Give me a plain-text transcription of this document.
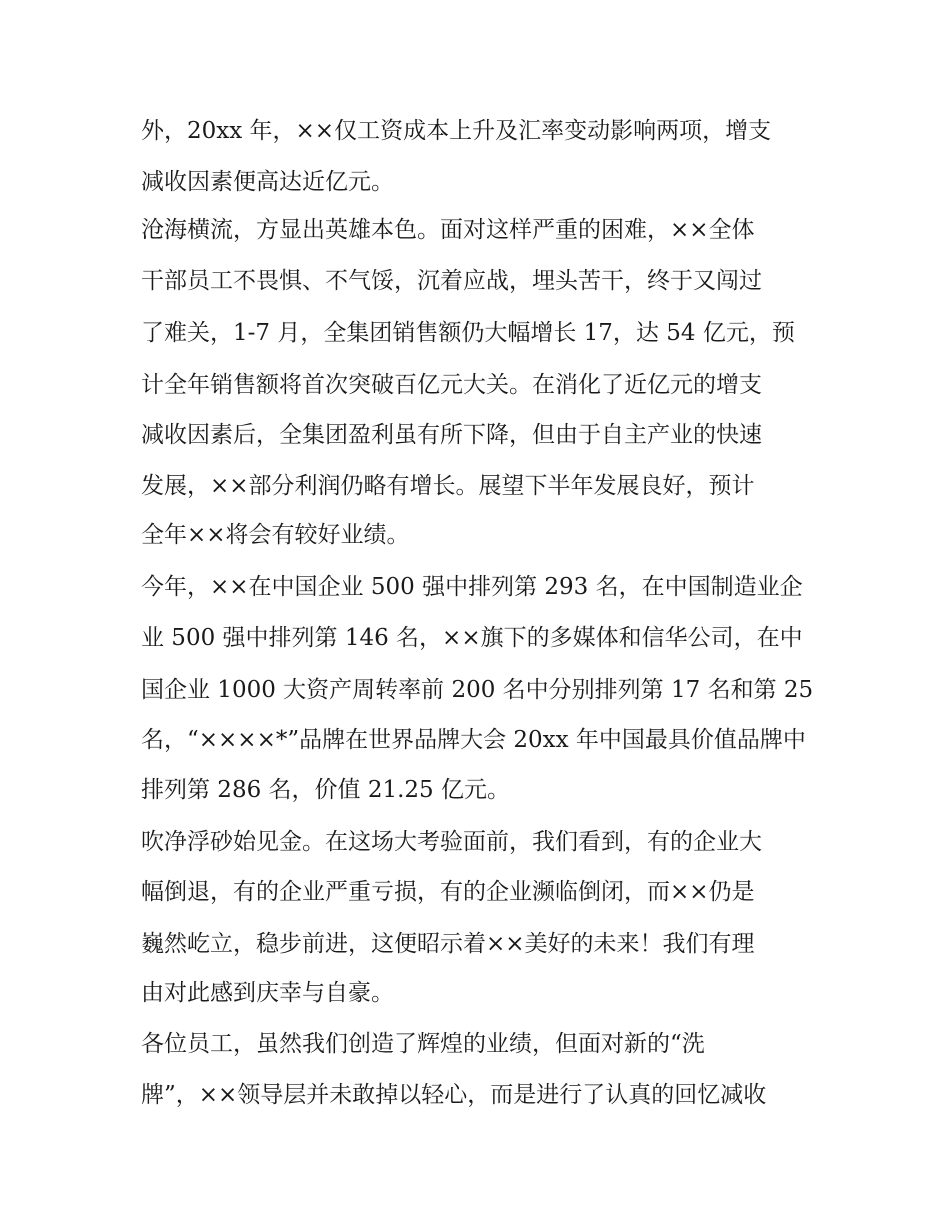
外，20xx 年，××仅工资成本上升及汇率变动影响两项，增支
减收因素便高达近亿元。
沧海横流，方显出英雄本色。面对这样严重的困难，××全体
干部员工不畏惧、不气馁，沉着应战，埋头苦干，终于又闯过
了难关，1-7 月，全集团销售额仍大幅增长 17，达 54 亿元，预
计全年销售额将首次突破百亿元大关。在消化了近亿元的增支
减收因素后，全集团盈利虽有所下降，但由于自主产业的快速
发展，××部分利润仍略有增长。展望下半年发展良好，预计
全年××将会有较好业绩。
今年，××在中国企业 500 强中排列第 293 名，在中国制造业企
业 500 强中排列第 146 名，××旗下的多媒体和信华公司，在中
国企业 1000 大资产周转率前 200 名中分别排列第 17 名和第 25
名，“××××*”品牌在世界品牌大会 20xx 年中国最具价值品牌中
排列第 286 名，价值 21.25 亿元。
吹净浮砂始见金。在这场大考验面前，我们看到，有的企业大
幅倒退，有的企业严重亏损，有的企业濒临倒闭，而××仍是
巍然屹立，稳步前进，这便昭示着××美好的未来！我们有理
由对此感到庆幸与自豪。
各位员工，虽然我们创造了辉煌的业绩，但面对新的“洗
牌”，××领导层并未敢掉以轻心，而是进行了认真的回忆减收
